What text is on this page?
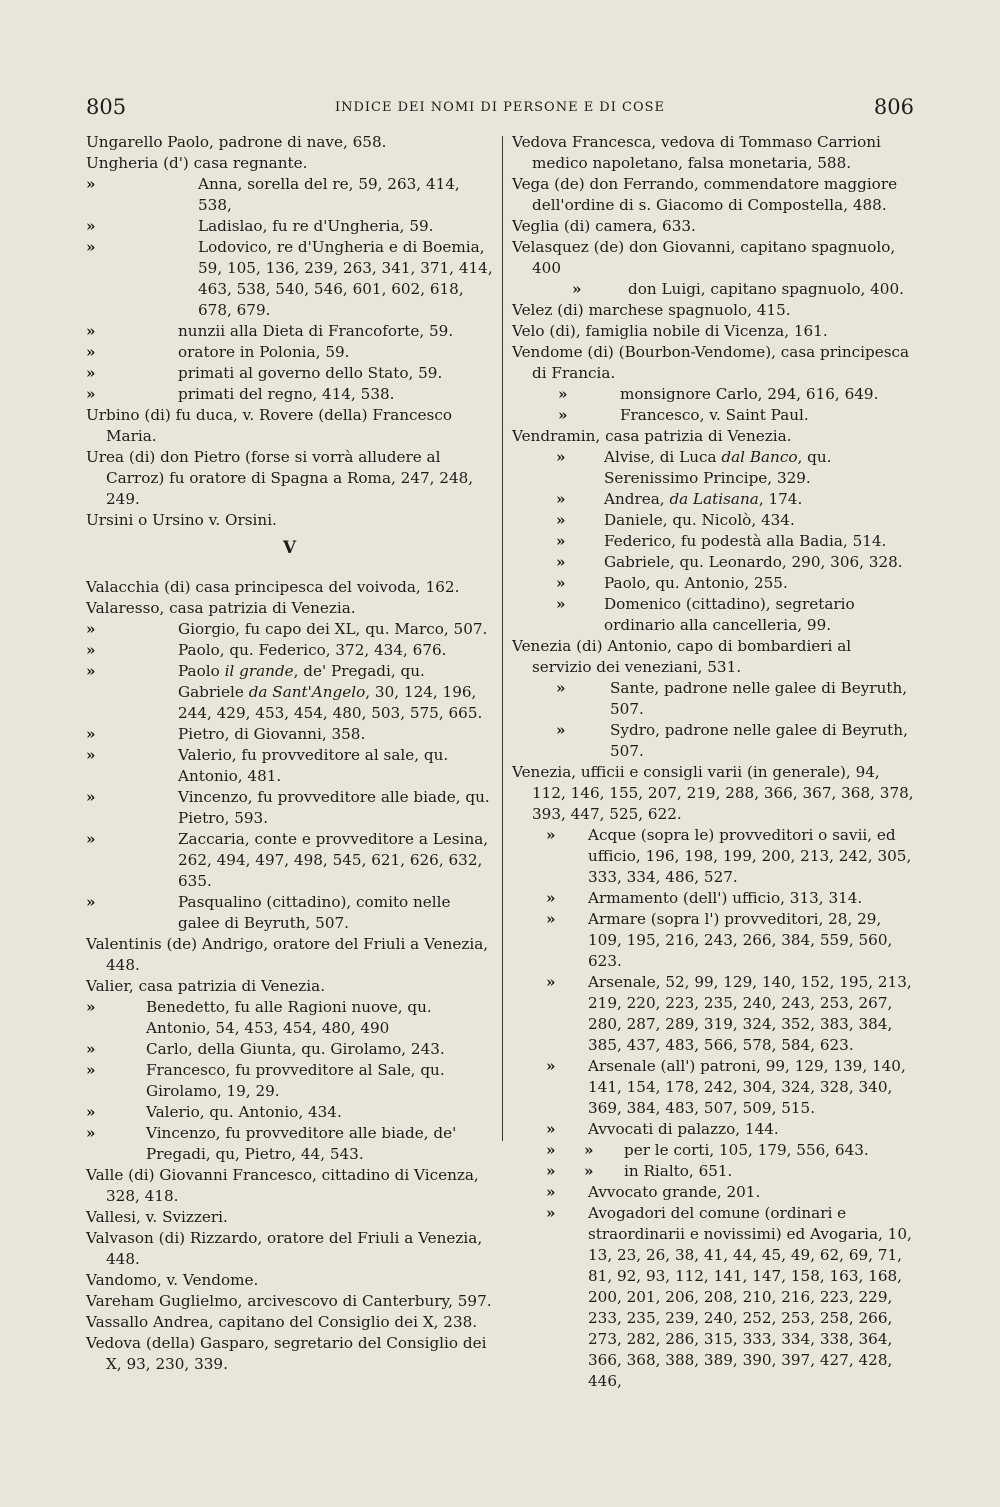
805	INDICE DEI NOMI DI PERSONE E DI COSE	806
Ungarello Paolo, padrone di nave, 658.
Ungheria (d') casa regnante.
»	Anna, sorella del re, 59, 263, 414, 538,
»	Ladislao, fu re d'Ungheria, 59.
»	Lodovico, re d'Ungheria e di Boemia, 59, 105, 136, 239, 263, 341, 371, 414, 463, 538, 540, 546, 601, 602, 618, 678, 679.
»	nunzii alla Dieta di Francoforte, 59.
»	oratore in Polonia, 59.
»	primati al governo dello Stato, 59.
»	primati del regno, 414, 538.
Urbino (di) fu duca, v. Rovere (della) Francesco Maria.
Urea (di) don Pietro (forse si vorrà alludere al Carroz) fu oratore di Spagna a Roma, 247, 248, 249.
Ursini o Ursino v. Orsini.
V
Valacchia (di) casa principesca del voivoda, 162.
Valaresso, casa patrizia di Venezia.
»	Giorgio, fu capo dei XL, qu. Marco, 507.
»	Paolo, qu. Federico, 372, 434, 676.
»	Paolo il grande, de' Pregadi, qu. Gabriele da Sant'Angelo, 30, 124, 196, 244, 429, 453, 454, 480, 503, 575, 665.
»	Pietro, di Giovanni, 358.
»	Valerio, fu provveditore al sale, qu. Antonio, 481.
»	Vincenzo, fu provveditore alle biade, qu. Pietro, 593.
»	Zaccaria, conte e provveditore a Lesina, 262, 494, 497, 498, 545, 621, 626, 632, 635.
»	Pasqualino (cittadino), comito nelle galee di Beyruth, 507.
Valentinis (de) Andrigo, oratore del Friuli a Venezia, 448.
Valier, casa patrizia di Venezia.
»	Benedetto, fu alle Ragioni nuove, qu. Antonio, 54, 453, 454, 480, 490
»	Carlo, della Giunta, qu. Girolamo, 243.
»	Francesco, fu provveditore al Sale, qu. Girolamo, 19, 29.
»	Valerio, qu. Antonio, 434.
»	Vincenzo, fu provveditore alle biade, de' Pregadi, qu, Pietro, 44, 543.
Valle (di) Giovanni Francesco, cittadino di Vicenza, 328, 418.
Vallesi, v. Svizzeri.
Valvason (di) Rizzardo, oratore del Friuli a Venezia, 448.
Vandomo, v. Vendome.
Vareham Guglielmo, arcivescovo di Canterbury, 597.
Vassallo Andrea, capitano del Consiglio dei X, 238.
Vedova (della) Gasparo, segretario del Consiglio dei X, 93, 230, 339.
Vedova Francesca, vedova di Tommaso Carrioni medico napoletano, falsa monetaria, 588.
Vega (de) don Ferrando, commendatore maggiore dell'ordine di s. Giacomo di Compostella, 488.
Veglia (di) camera, 633.
Velasquez (de) don Giovanni, capitano spagnuolo, 400
»	don Luigi, capitano spagnuolo, 400.
Velez (di) marchese spagnuolo, 415.
Velo (di), famiglia nobile di Vicenza, 161.
Vendome (di) (Bourbon-Vendome), casa principesca di Francia.
»	monsignore Carlo, 294, 616, 649.
»	Francesco, v. Saint Paul.
Vendramin, casa patrizia di Venezia.
»	Alvise, di Luca dal Banco, qu. Serenissimo Principe, 329.
»	Andrea, da Latisana, 174.
»	Daniele, qu. Nicolò, 434.
»	Federico, fu podestà alla Badia, 514.
»	Gabriele, qu. Leonardo, 290, 306, 328.
»	Paolo, qu. Antonio, 255.
»	Domenico (cittadino), segretario ordinario alla cancelleria, 99.
Venezia (di) Antonio, capo di bombardieri al servizio dei veneziani, 531.
»	Sante, padrone nelle galee di Beyruth, 507.
»	Sydro, padrone nelle galee di Beyruth, 507.
Venezia, ufficii e consigli varii (in generale), 94, 112, 146, 155, 207, 219, 288, 366, 367, 368, 378, 393, 447, 525, 622.
» Acque (sopra le) provveditori o savii, ed ufficio, 196, 198, 199, 200, 213, 242, 305, 333, 334, 486, 527.
» Armamento (dell') ufficio, 313, 314.
» Armare (sopra l') provveditori, 28, 29, 109, 195, 216, 243, 266, 384, 559, 560, 623.
» Arsenale, 52, 99, 129, 140, 152, 195, 213, 219, 220, 223, 235, 240, 243, 253, 267, 280, 287, 289, 319, 324, 352, 383, 384, 385, 437, 483, 566, 578, 584, 623.
» Arsenale (all') patroni, 99, 129, 139, 140, 141, 154, 178, 242, 304, 324, 328, 340, 369, 384, 483, 507, 509, 515.
» Avvocati di palazzo, 144.
» » per le corti, 105, 179, 556, 643.
» » in Rialto, 651.
» Avvocato grande, 201.
» Avogadori del comune (ordinari e straordinarii e novissimi) ed Avogaria, 10, 13, 23, 26, 38, 41, 44, 45, 49, 62, 69, 71, 81, 92, 93, 112, 141, 147, 158, 163, 168, 200, 201, 206, 208, 210, 216, 223, 229, 233, 235, 239, 240, 252, 253, 258, 266, 273, 282, 286, 315, 333, 334, 338, 364, 366, 368, 388, 389, 390, 397, 427, 428, 446,
